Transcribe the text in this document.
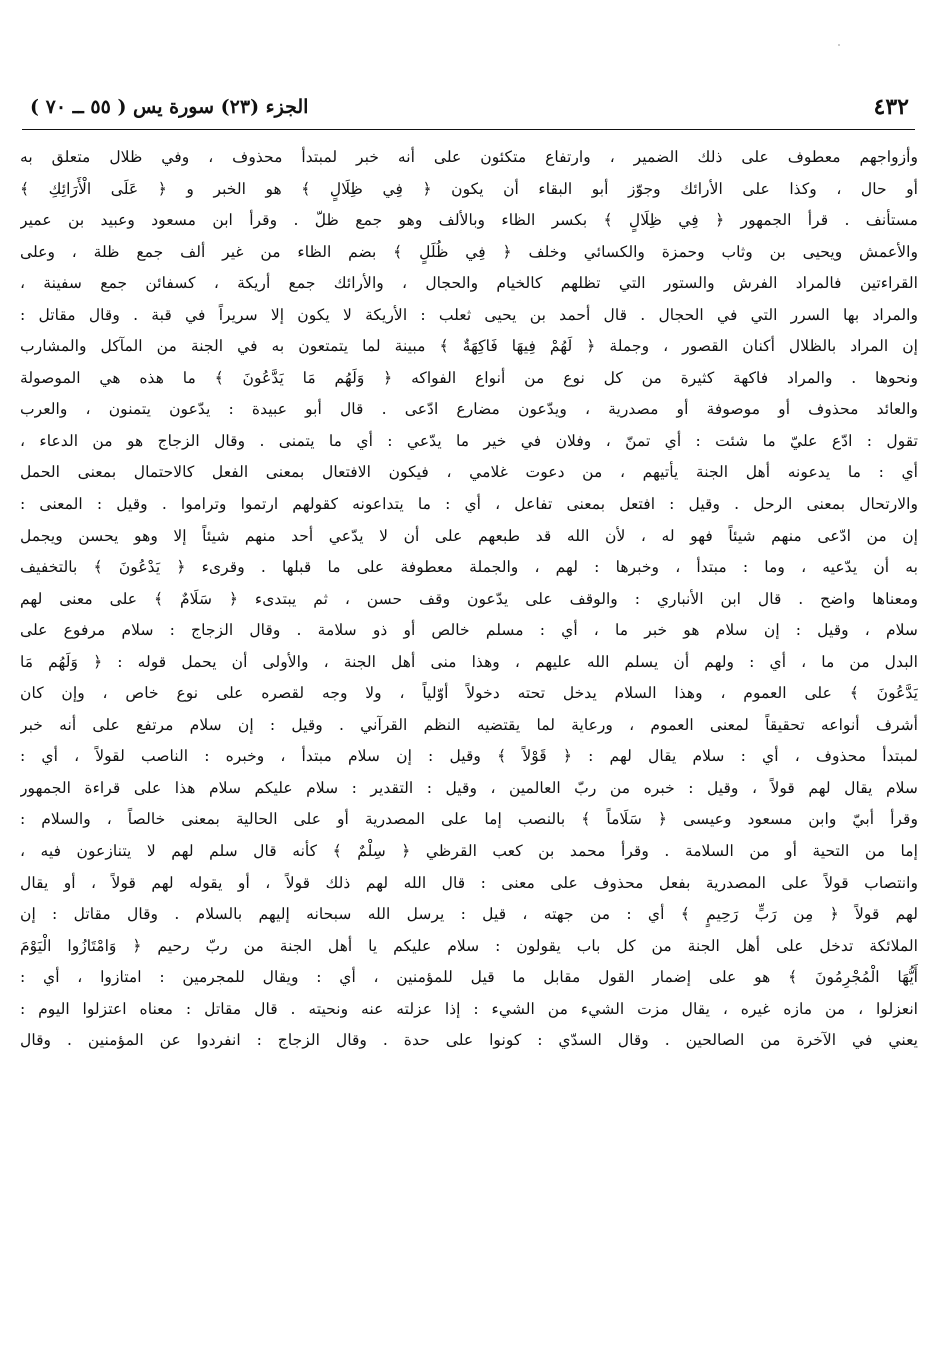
٤٣٢
الجزء (٢٣) سورة يس ( ٥٥ ــ ٧٠ )
وأزواجهم معطوف على ذلك الضمير ، وارتفاع متكئون على أنه خبر لمبتدأ محذوف ، وفي ظلال متعلق به
أو حال ، وكذا على الأرائك وجوّز أبو البقاء أن يكون ﴿ فِي ظِلَالٍ ﴾ هو الخبر و ﴿ عَلَى الْأَرَائِكِ ﴾
مستأنف . قرأ الجمهور ﴿ فِي ظِلَالٍ ﴾ بكسر الظاء وبالألف وهو جمع ظلّ . وقرأ ابن مسعود وعبيد بن عمير
والأعمش ويحيى بن وثاب وحمزة والكسائي وخلف ﴿ فِي ظُلَلٍ ﴾ بضم الظاء من غير ألف جمع ظلة ، وعلى
القراءتين فالمراد الفرش والستور التي تظلهم كالخيام والحجال ، والأرائك جمع أريكة ، كسفائن جمع سفينة ،
والمراد بها السرر التي في الحجال . قال أحمد بن يحيى ثعلب : الأريكة لا يكون إلا سريراً في قبة . وقال مقاتل :
إن المراد بالظلال أكنان القصور ، وجملة ﴿ لَهُمْ فِيهَا فَاكِهَةٌ ﴾ مبينة لما يتمتعون به في الجنة من المآكل والمشارب
ونحوها . والمراد فاكهة كثيرة من كل نوع من أنواع الفواكه ﴿ وَلَهُم مَا يَدَّعُونَ ﴾ ما هذه هي الموصولة
والعائد محذوف أو موصوفة أو مصدرية ، ويدّعون مضارع ادّعى . قال أبو عبيدة : يدّعون يتمنون ، والعرب
تقول : ادّع عليّ ما شئت : أي تمنّ ، وفلان في خير ما يدّعي : أي ما يتمنى . وقال الزجاج هو من الدعاء ،
أي : ما يدعونه أهل الجنة يأتيهم ، من دعوت غلامي ، فيكون الافتعال بمعنى الفعل كالاحتمال بمعنى الحمل
والارتحال بمعنى الرحل . وقيل : افتعل بمعنى تفاعل ، أي : ما يتداعونه كقولهم ارتموا وتراموا . وقيل : المعنى :
إن من ادّعى منهم شيئاً فهو له ، لأن الله قد طبعهم على أن لا يدّعي أحد منهم شيئاً إلا وهو يحسن ويجمل
به أن يدّعيه ، وما : مبتدأ ، وخبرها : لهم ، والجملة معطوفة على ما قبلها . وقرىء ﴿ يَدْعُونَ ﴾ بالتخفيف
ومعناها واضح . قال ابن الأنباري : والوقف على يدّعون وقف حسن ، ثم يبتدىء ﴿ سَلَامٌ ﴾ على معنى لهم
سلام ، وقيل : إن سلام هو خبر ما ، أي : مسلم خالص أو ذو سلامة . وقال الزجاج : سلام مرفوع على
البدل من ما ، أي : ولهم أن يسلم الله عليهم ، وهذا منى أهل الجنة ، والأولى أن يحمل قوله : ﴿ وَلَهُم مَا
يَدَّعُونَ ﴾ على العموم ، وهذا السلام يدخل تحته دخولاً أوّلياً ، ولا وجه لقصره على نوع خاص ، وإن كان
أشرف أنواعه تحقيقاً لمعنى العموم ، ورعاية لما يقتضيه النظم القرآني . وقيل : إن سلام مرتفع على أنه خبر
لمبتدأ محذوف ، أي : سلام يقال لهم : ﴿ قَوْلاً ﴾ وقيل : إن سلام مبتدأ ، وخبره : الناصب لقولاً ، أي :
سلام يقال لهم قولاً ، وقيل : خبره من ربّ العالمين ، وقيل : التقدير : سلام عليكم سلام هذا على قراءة الجمهور
وقرأ أبيّ وابن مسعود وعيسى ﴿ سَلَاماً ﴾ بالنصب إما على المصدرية أو على الحالية بمعنى خالصاً ، والسلام :
إما من التحية أو من السلامة . وقرأ محمد بن كعب القرظي ﴿ سِلْمٌ ﴾ كأنه قال سلم لهم لا يتنازعون فيه ،
وانتصاب قولاً على المصدرية بفعل محذوف على معنى : قال الله لهم ذلك قولاً ، أو يقوله لهم قولاً ، أو يقال
لهم قولاً ﴿ مِن رَبٍّ رَحِيمٍ ﴾ أي : من جهته ، قيل : يرسل الله سبحانه إليهم بالسلام . وقال مقاتل : إن
الملائكة تدخل على أهل الجنة من كل باب يقولون : سلام عليكم يا أهل الجنة من ربّ رحيم ﴿ وَامْتَازُوا الْيَوْمَ
أَيُّهَا الْمُجْرِمُونَ ﴾ هو على إضمار القول مقابل ما قيل للمؤمنين ، أي : ويقال للمجرمين : امتازوا ، أي :
انعزلوا ، من مازه غيره ، يقال مزت الشيء من الشيء : إذا عزلته عنه ونحيته . قال مقاتل : معناه اعتزلوا اليوم :
يعني في الآخرة من الصالحين . وقال السدّي : كونوا على حدة . وقال الزجاج : انفردوا عن المؤمنين . وقال
